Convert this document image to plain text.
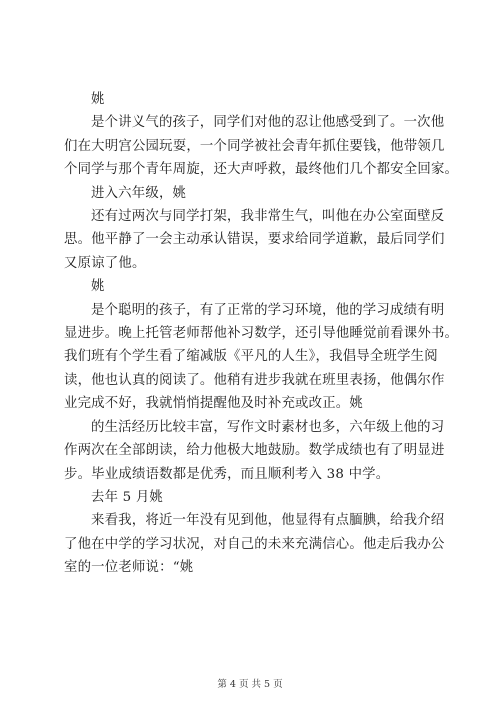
姚
是个讲义气的孩子，同学们对他的忍让他感受到了。一次他
们在大明宫公园玩耍，一个同学被社会青年抓住要钱，他带领几
个同学与那个青年周旋，还大声呼救，最终他们几个都安全回家。
进入六年级，姚
还有过两次与同学打架，我非常生气，叫他在办公室面壁反
思。他平静了一会主动承认错误，要求给同学道歉，最后同学们
又原谅了他。
姚
是个聪明的孩子，有了正常的学习环境，他的学习成绩有明
显进步。晚上托管老师帮他补习数学，还引导他睡觉前看课外书。
我们班有个学生看了缩减版《平凡的人生》，我倡导全班学生阅
读，他也认真的阅读了。他稍有进步我就在班里表扬，他偶尔作
业完成不好，我就悄悄提醒他及时补充或改正。姚
的生活经历比较丰富，写作文时素材也多，六年级上他的习
作两次在全部朗读，给力他极大地鼓励。数学成绩也有了明显进
步。毕业成绩语数都是优秀，而且顺利考入 38 中学。
去年 5 月姚
来看我，将近一年没有见到他，他显得有点腼腆，给我介绍
了他在中学的学习状况，对自己的未来充满信心。他走后我办公
室的一位老师说：“姚
第 4 页 共 5 页
